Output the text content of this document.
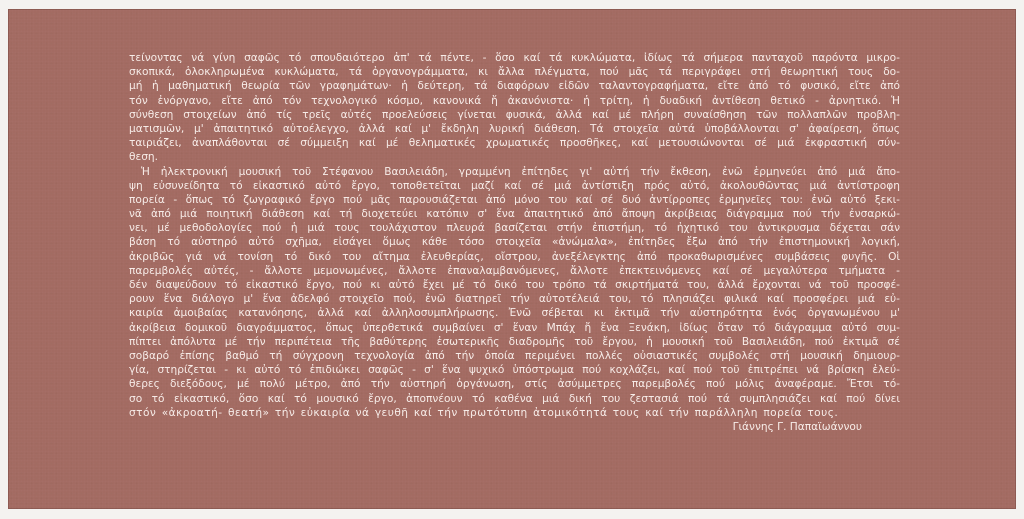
τείνοντας νά γίνη σαφῶς τό σπουδαιότερο ἀπ' τά πέντε, - ὅσο καί τά κυκλώματα, ἰδίως τά σήμερα πανταχοῦ παρόντα μικρο-
σκοπικά, ὁλοκληρωμένα κυκλώματα, τά ὀργανογράμματα, κι ἄλλα πλέγματα, πού μᾶς τά περιγράφει στή θεωρητική τους δο-
μή ἡ μαθηματική θεωρία τῶν γραφημάτων· ἡ δεύτερη, τά διαφόρων εἰδῶν ταλαντογραφήματα, εἴτε ἀπό τό φυσικό, εἴτε ἀπό
τόν ἐνόργανο, εἴτε ἀπό τόν τεχνολογικό κόσμο, κανονικά ἤ ἀκανόνιστα· ἡ τρίτη, ἡ δυαδική ἀντίθεση θετικό - ἀρνητικό. Ἡ
σύνθεση στοιχείων ἀπό τίς τρεῖς αὐτές προελεύσεις γίνεται φυσικά, ἀλλά καί μέ πλήρη συναίσθηση τῶν πολλαπλῶν προβλη-
ματισμῶν, μ' ἀπαιτητικό αὐτοέλεγχο, ἀλλά καί μ' ἔκδηλη λυρική διάθεση. Τά στοιχεῖα αὐτά ὑποβάλλονται σ' ἀφαίρεση, ὅπως
ταιριάζει, ἀναπλάθονται σέ σύμμειξη καί μέ θεληματικές χρωματικές προσθῆκες, καί μετουσιώνονται σέ μιά ἐκφραστική σύν-
θεση.
Ἡ ἠλεκτρονική μουσική τοῦ Στέφανου Βασιλειάδη, γραμμένη ἐπίτηδες γι' αὐτή τήν ἔκθεση, ἐνῶ ἑρμηνεύει ἀπό μιά ἄπο-
ψη εὐσυνείδητα τό εἰκαστικό αὐτό ἔργο, τοποθετεῖται μαζί καί σέ μιά ἀντίστιξη πρός αὐτό, ἀκολουθῶντας μιά ἀντίστροφη
πορεία - ὅπως τό ζωγραφικό ἔργο πού μᾶς παρουσιάζεται ἀπό μόνο του καί σέ δυό ἀντίρροπες ἑρμηνεῖες του: ἐνῶ αὐτό ξεκι-
νᾶ ἀπό μιά ποιητική διάθεση καί τή διοχετεύει κατόπιν σ' ἕνα ἀπαιτητικό ἀπό ἄποψη ἀκρίβειας διάγραμμα πού τήν ἐνσαρκώ-
νει, μέ μεθοδολογίες πού ἡ μιά τους τουλάχιστον πλευρά βασίζεται στήν ἐπιστήμη, τό ἠχητικό του ἀντικρυσμα δέχεται σάν
βάση τό αὐστηρό αὐτό σχῆμα, εἰσάγει ὅμως κάθε τόσο στοιχεῖα «ἀνώμαλα», ἐπίτηδες ἔξω ἀπό τήν ἐπιστημονική λογική,
ἀκριβῶς γιά νά τονίση τό δικό του αἴτημα ἐλευθερίας, οἴστρου, ἀνεξέλεγκτης ἀπό προκαθωρισμένες συμβάσεις φυγῆς. Οἱ
παρεμβολές αὐτές, - ἄλλοτε μεμονωμένες, ἄλλοτε ἐπαναλαμβανόμενες, ἄλλοτε ἐπεκτεινόμενες καί σέ μεγαλύτερα τμήματα -
δέν διαψεύδουν τό εἰκαστικό ἔργο, πού κι αὐτό ἔχει μέ τό δικό του τρόπο τά σκιρτήματά του, ἀλλά ἔρχονται νά τοῦ προσφέ-
ρουν ἕνα διάλογο μ' ἕνα ἀδελφό στοιχεῖο πού, ἐνῶ διατηρεῖ τήν αὐτοτέλειά του, τό πλησιάζει φιλικά καί προσφέρει μιά εὐ-
καιρία ἀμοιβαίας κατανόησης, ἀλλά καί ἀλληλοσυμπλήρωσης. Ἐνῶ σέβεται κι ἐκτιμᾶ τήν αὐστηρότητα ἑνός ὀργανωμένου μ'
ἀκρίβεια δομικοῦ διαγράμματος, ὅπως ὑπερθετικά συμβαίνει σ' ἕναν Μπάχ ἤ ἕνα Ξενάκη, ἰδίως ὅταν τό διάγραμμα αὐτό συμ-
πίπτει ἀπόλυτα μέ τήν περιπέτεια τῆς βαθύτερης ἐσωτερικῆς διαδρομῆς τοῦ ἔργου, ἡ μουσική τοῦ Βασιλειάδη, πού ἐκτιμᾶ σέ
σοβαρό ἐπίσης βαθμό τή σύγχρονη τεχνολογία ἀπό τήν ὁποία περιμένει πολλές οὐσιαστικές συμβολές στή μουσική δημιουρ-
γία, στηρίζεται - κι αὐτό τό ἐπιδιώκει σαφῶς - σ' ἕνα ψυχικό ὑπόστρωμα πού κοχλάζει, καί πού τοῦ ἐπιτρέπει νά βρίσκη ἐλεύ-
θερες διεξόδους, μέ πολύ μέτρο, ἀπό τήν αὐστηρή ὀργάνωση, στίς ἀσύμμετρες παρεμβολές πού μόλις ἀναφέραμε. Ἔτσι τό-
σο τό εἰκαστικό, ὅσο καί τό μουσικό ἔργο, ἀποπνέουν τό καθένα μιά δική του ζεστασιά πού τά συμπλησιάζει καί πού δίνει
στόν «ἀκροατή- θεατή» τήν εὐκαιρία νά γευθῆ καί τήν πρωτότυπη ἀτομικότητά τους καί τήν παράλληλη πορεία τους.
Γιάννης Γ. Παπαϊωάννου
